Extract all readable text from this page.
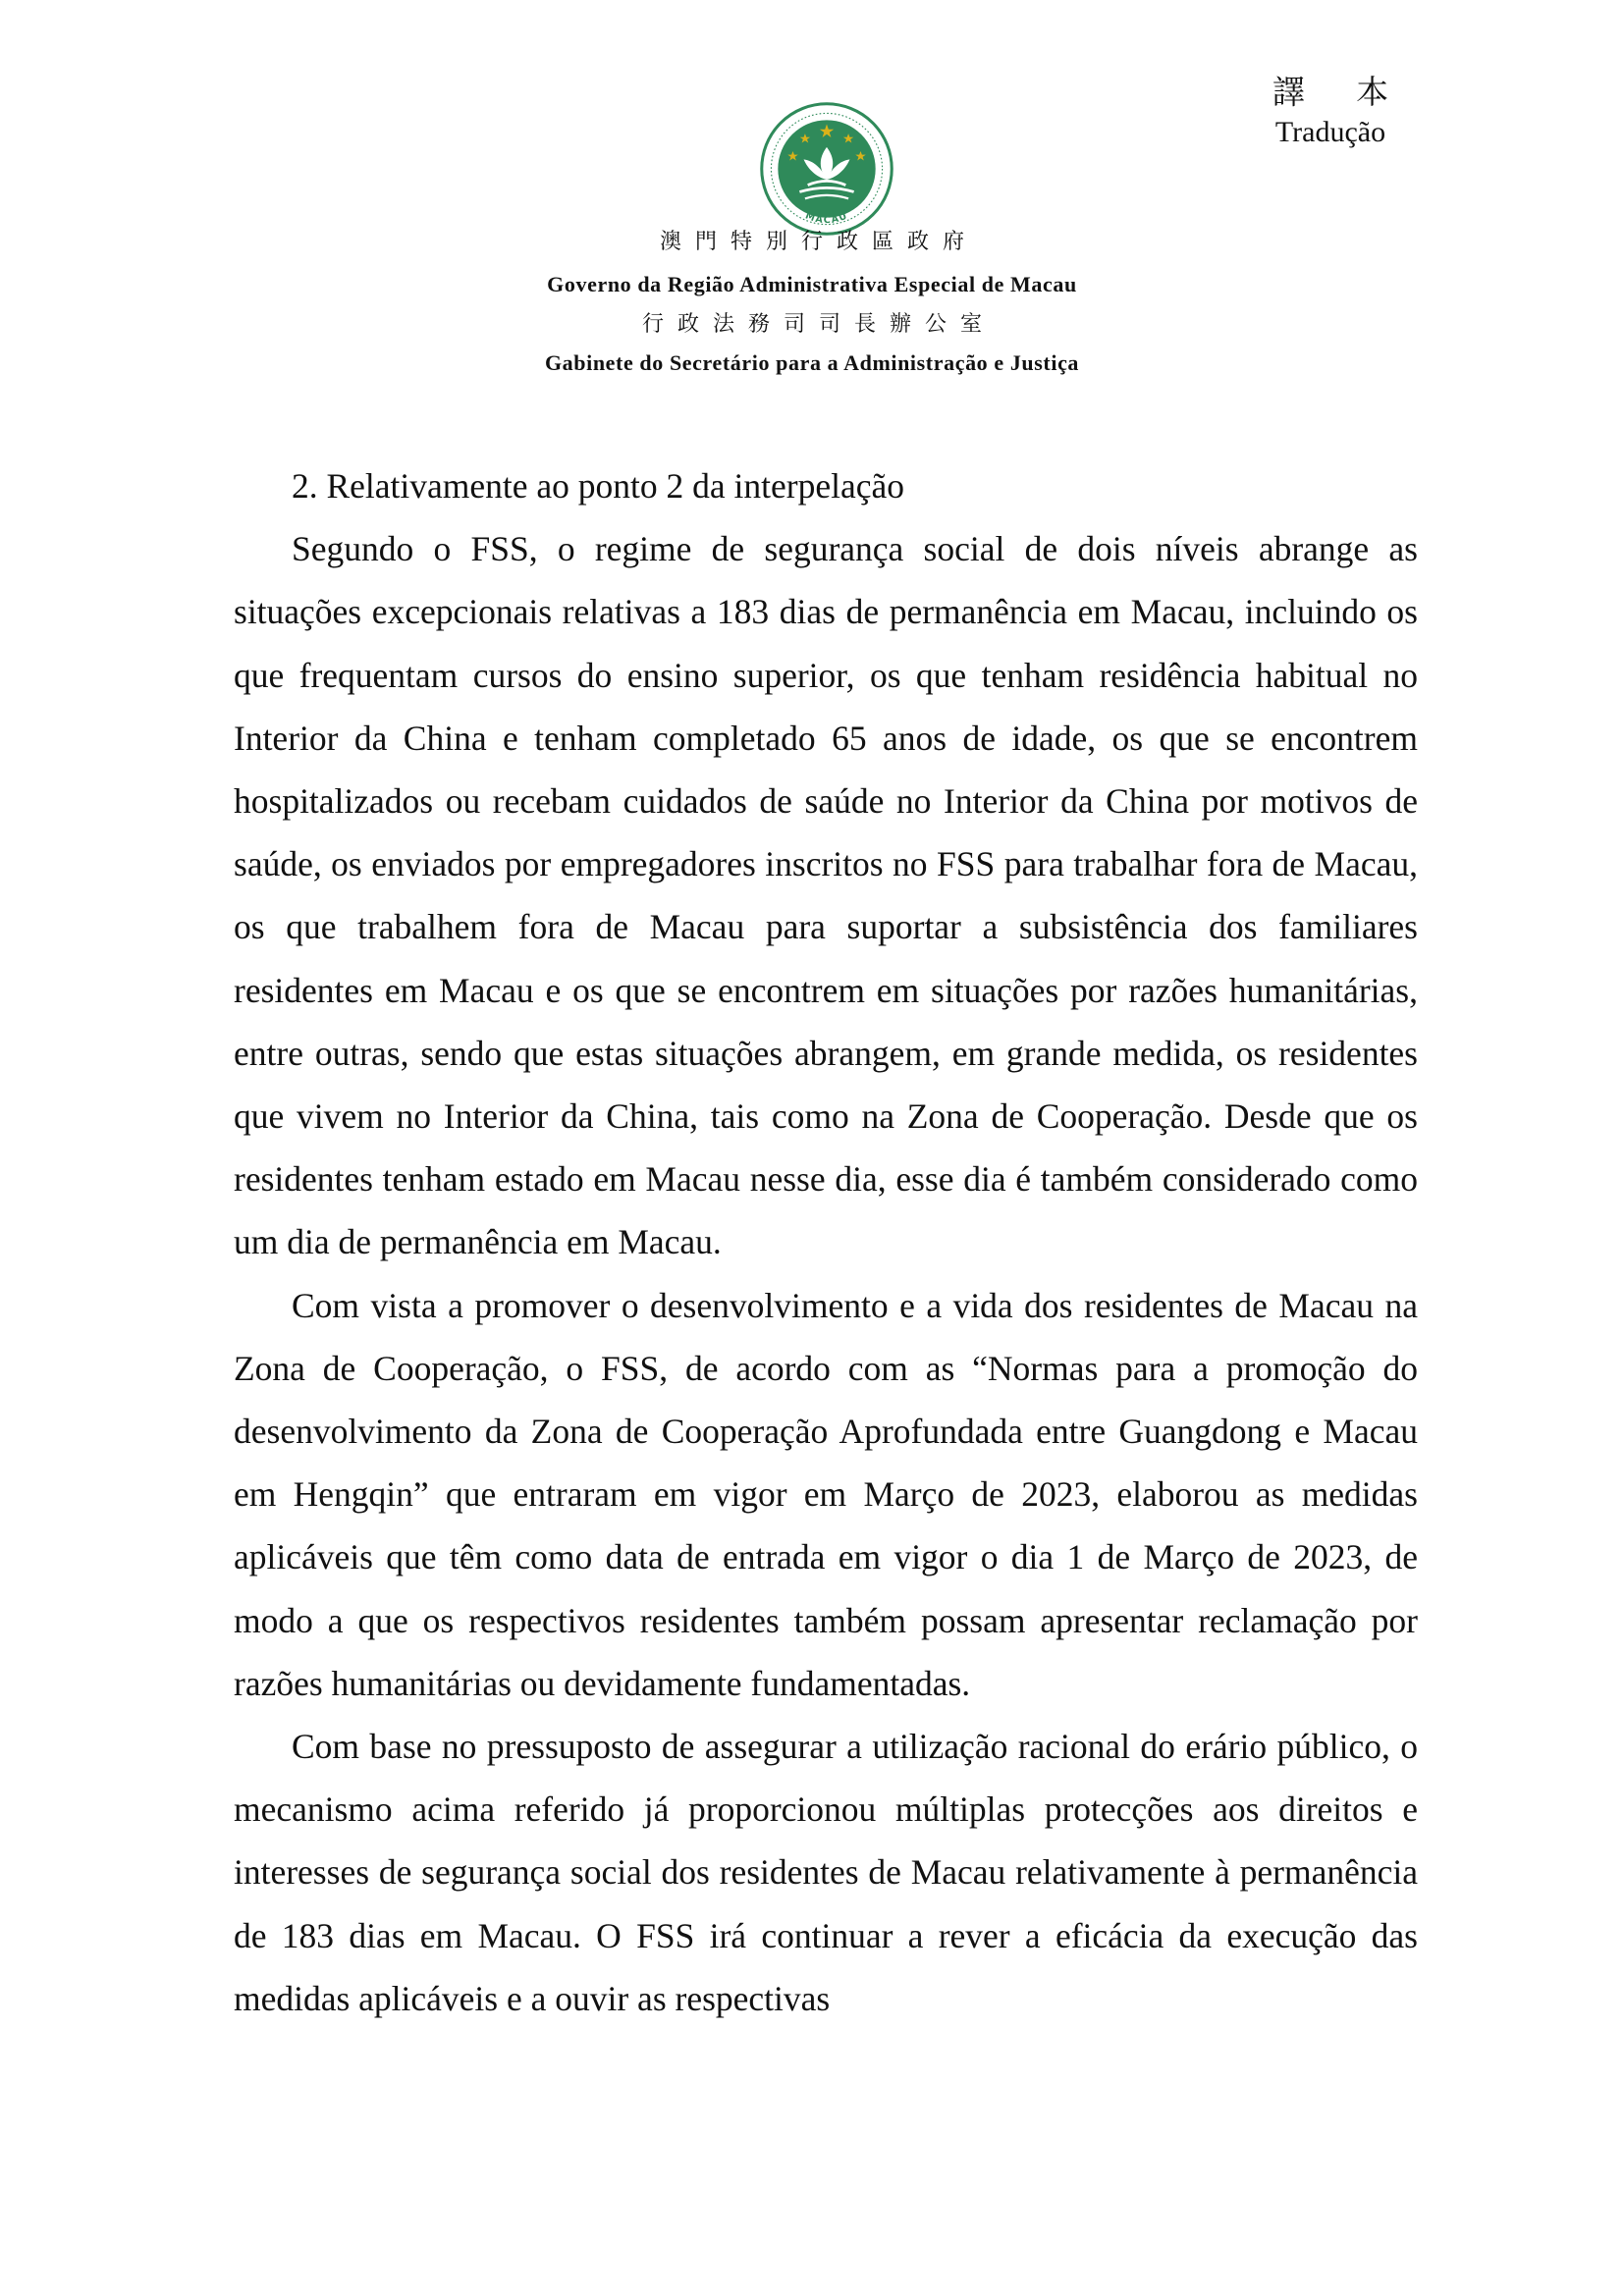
譯 本
Tradução
MACAU
澳門特別行政區政府
Governo da Região Administrativa Especial de Macau
行政法務司司長辦公室
Gabinete do Secretário para a Administração e Justiça

2. Relativamente ao ponto 2 da interpelação

Segundo o FSS, o regime de segurança social de dois níveis abrange as situações excepcionais relativas a 183 dias de permanência em Macau, incluindo os que frequentam cursos do ensino superior, os que tenham residência habitual no Interior da China e tenham completado 65 anos de idade, os que se encontrem hospitalizados ou recebam cuidados de saúde no Interior da China por motivos de saúde, os enviados por empregadores inscritos no FSS para trabalhar fora de Macau, os que trabalhem fora de Macau para suportar a subsistência dos familiares residentes em Macau e os que se encontrem em situações por razões humanitárias, entre outras, sendo que estas situações abrangem, em grande medida, os residentes que vivem no Interior da China, tais como na Zona de Cooperação. Desde que os residentes tenham estado em Macau nesse dia, esse dia é também considerado como um dia de permanência em Macau.

Com vista a promover o desenvolvimento e a vida dos residentes de Macau na Zona de Cooperação, o FSS, de acordo com as “Normas para a promoção do desenvolvimento da Zona de Cooperação Aprofundada entre Guangdong e Macau em Hengqin” que entraram em vigor em Março de 2023, elaborou as medidas aplicáveis que têm como data de entrada em vigor o dia 1 de Março de 2023, de modo a que os respectivos residentes também possam apresentar reclamação por razões humanitárias ou devidamente fundamentadas.

Com base no pressuposto de assegurar a utilização racional do erário público, o mecanismo acima referido já proporcionou múltiplas protecções aos direitos e interesses de segurança social dos residentes de Macau relativamente à permanência de 183 dias em Macau. O FSS irá continuar a rever a eficácia da execução das medidas aplicáveis e a ouvir as respectivas
